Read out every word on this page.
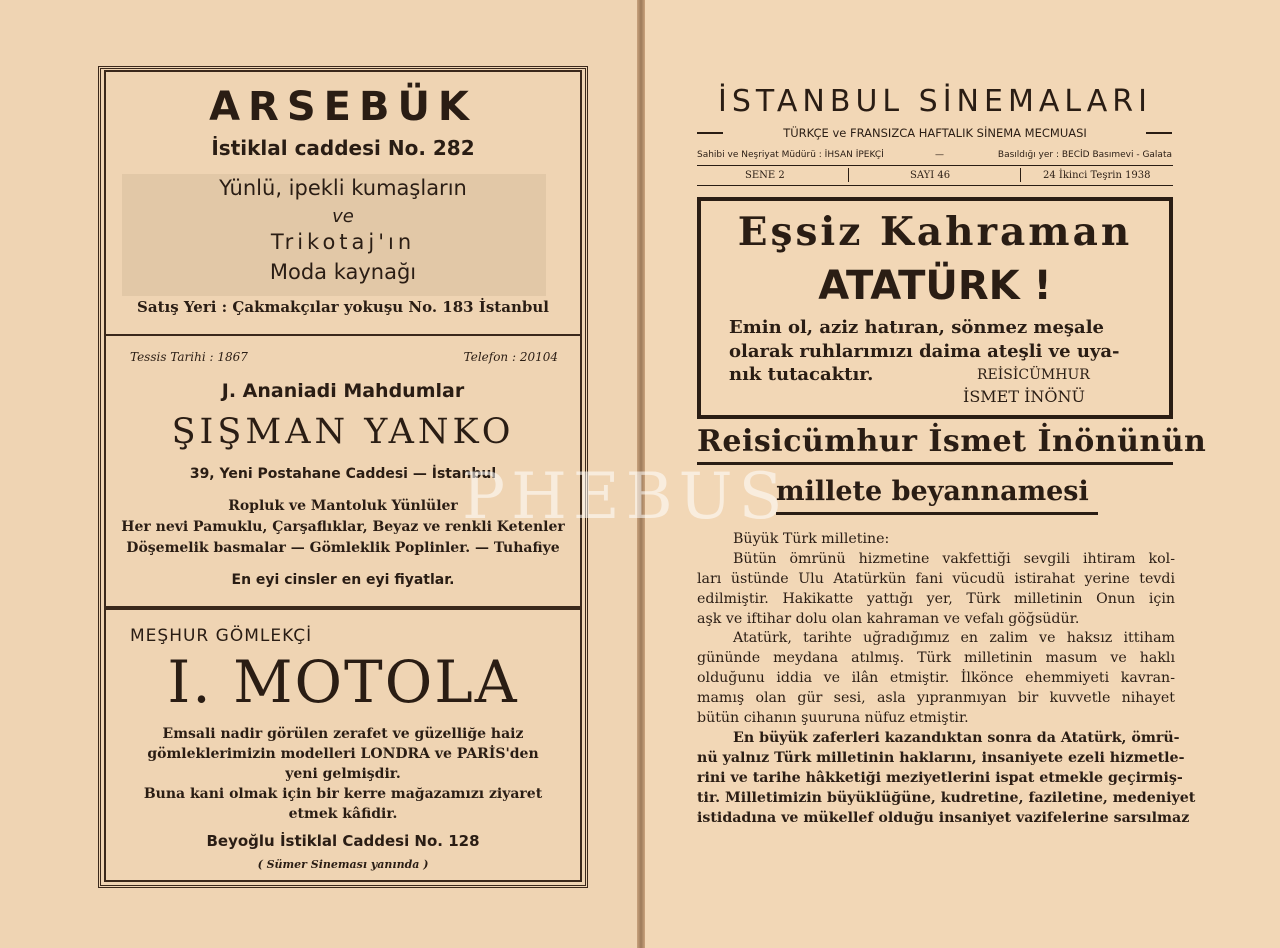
ARSEBÜK
İstiklal caddesi No. 282
Yünlü, ipekli kumaşların
ve
Trikotaj'ın
Moda kaynağı
Satış Yeri : Çakmakçılar yokuşu No. 183 İstanbul
Tessis Tarihi : 1867	Telefon : 20104
J. Ananiadi Mahdumlar
ŞIŞMAN YANKO
39, Yeni Postahane Caddesi — İstanbul
Ropluk ve Mantoluk Yünlüler
Her nevi Pamuklu, Çarşaflıklar, Beyaz ve renkli Ketenler
Döşemelik basmalar — Gömleklik Poplinler. — Tuhafiye
En eyi cinsler en eyi fiyatlar.
MEŞHUR GÖMLEKÇİ
I. MOTOLA
Emsali nadir görülen zerafet ve güzelliğe haiz
gömleklerimizin modelleri LONDRA ve PARİS'den
yeni gelmişdir.
Buna kani olmak için bir kerre mağazamızı ziyaret
etmek kâfidir.
Beyoğlu İstiklal Caddesi No. 128
( Sümer Sineması yanında )
İSTANBUL SİNEMALARI
TÜRKÇE ve FRANSIZCA HAFTALIK SİNEMA MECMUASI
Sahibi ve Neşriyat Müdürü : İHSAN İPEKÇİ	—	Basıldığı yer : BECİD Basımevi - Galata
SENE 2	SAYI 46	24 İkinci Teşrin 1938
Eşsiz Kahraman
ATATÜRK !
Emin ol, aziz hatıran, sönmez meşale
olarak ruhlarımızı daima ateşli ve uya-
nık tutacaktır.	REİSİCÜMHUR
İSMET İNÖNÜ
Reisicümhur İsmet İnönünün
millete beyannamesi
Büyük Türk milletine:
Bütün ömrünü hizmetine vakfettiği sevgili ihtiram kol-
ları üstünde Ulu Atatürkün fani vücudü istirahat yerine tevdi
edilmiştir. Hakikatte yattığı yer, Türk milletinin Onun için
aşk ve iftihar dolu olan kahraman ve vefalı göğsüdür.
Atatürk, tarihte uğradığımız en zalim ve haksız ittiham
gününde meydana atılmış. Türk milletinin masum ve haklı
olduğunu iddia ve ilân etmiştir. İlkönce ehemmiyeti kavran-
mamış olan gür sesi, asla yıpranmıyan bir kuvvetle nihayet
bütün cihanın şuuruna nüfuz etmiştir.
En büyük zaferleri kazandıktan sonra da Atatürk, ömrü-
nü yalnız Türk milletinin haklarını, insaniyete ezeli hizmetle-
rini ve tarihe hâkketiği meziyetlerini ispat etmekle geçirmiş-
tir. Milletimizin büyüklüğüne, kudretine, faziletine, medeniyet
istidadına ve mükellef olduğu insaniyet vazifelerine sarsılmaz
PHEBUS
